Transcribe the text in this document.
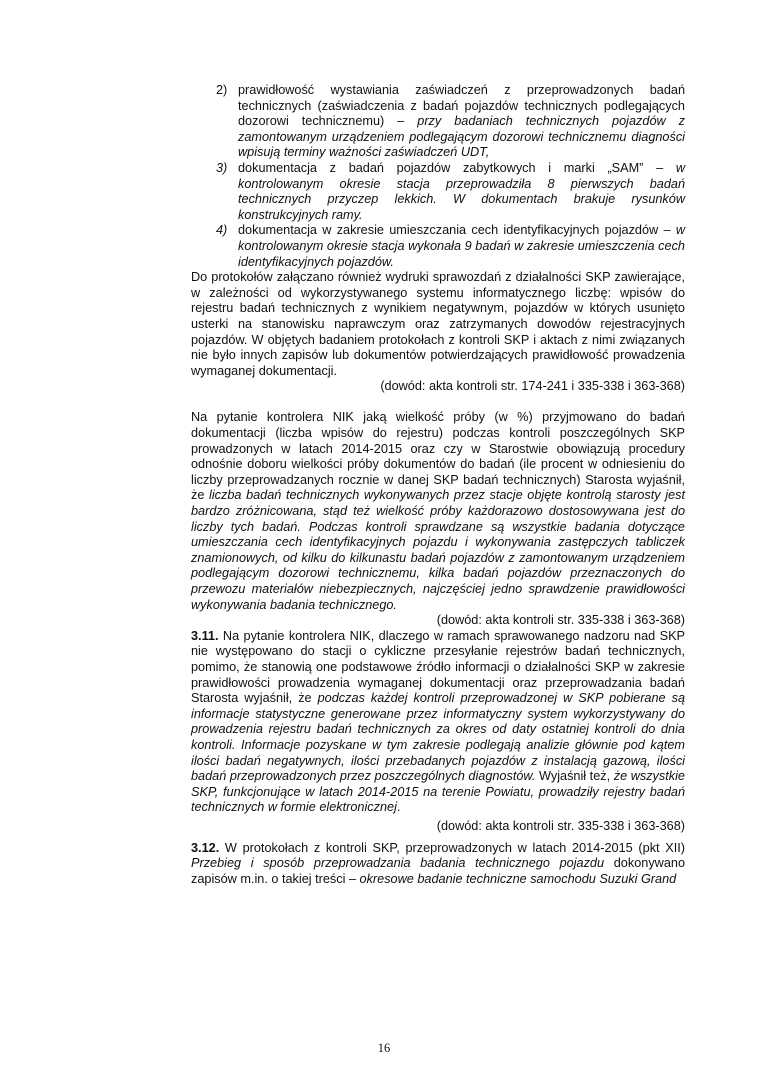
2) prawidłowość wystawiania zaświadczeń z przeprowadzonych badań technicznych (zaświadczenia z badań pojazdów technicznych podlegających dozorowi technicznemu) – przy badaniach technicznych pojazdów z zamontowanym urządzeniem podlegającym dozorowi technicznemu diagności wpisują terminy ważności zaświadczeń UDT,
3) dokumentacja z badań pojazdów zabytkowych i marki „SAM” – w kontrolowanym okresie stacja przeprowadziła 8 pierwszych badań technicznych przyczep lekkich. W dokumentach brakuje rysunków konstrukcyjnych ramy.
4) dokumentacja w zakresie umieszczania cech identyfikacyjnych pojazdów – w kontrolowanym okresie stacja wykonała 9 badań w zakresie umieszczenia cech identyfikacyjnych pojazdów.

Do protokołów załączano również wydruki sprawozdań z działalności SKP zawierające, w zależności od wykorzystywanego systemu informatycznego liczbę: wpisów do rejestru badań technicznych z wynikiem negatywnym, pojazdów w których usunięto usterki na stanowisku naprawczym oraz zatrzymanych dowodów rejestracyjnych pojazdów. W objętych badaniem protokołach z kontroli SKP i aktach z nimi związanych nie było innych zapisów lub dokumentów potwierdzających prawidłowość prowadzenia wymaganej dokumentacji.

(dowód: akta kontroli str. 174-241 i 335-338 i 363-368)

Na pytanie kontrolera NIK jaką wielkość próby (w %) przyjmowano do badań dokumentacji (liczba wpisów do rejestru) podczas kontroli poszczególnych SKP prowadzonych w latach 2014-2015 oraz czy w Starostwie obowiązują procedury odnośnie doboru wielkości próby dokumentów do badań (ile procent w odniesieniu do liczby przeprowadzanych rocznie w danej SKP badań technicznych) Starosta wyjaśnił, że liczba badań technicznych wykonywanych przez stacje objęte kontrolą starosty jest bardzo zróżnicowana, stąd też wielkość próby każdorazowo dostosowywana jest do liczby tych badań. Podczas kontroli sprawdzane są wszystkie badania dotyczące umieszczania cech identyfikacyjnych pojazdu i wykonywania zastępczych tabliczek znamionowych, od kilku do kilkunastu badań pojazdów z zamontowanym urządzeniem podlegającym dozorowi technicznemu, kilka badań pojazdów przeznaczonych do przewozu materiałów niebezpiecznych, najczęściej jedno sprawdzenie prawidłowości wykonywania badania technicznego.

(dowód: akta kontroli str. 335-338 i 363-368)

3.11. Na pytanie kontrolera NIK, dlaczego w ramach sprawowanego nadzoru nad SKP nie występowano do stacji o cykliczne przesyłanie rejestrów badań technicznych, pomimo, że stanowią one podstawowe źródło informacji o działalności SKP w zakresie prawidłowości prowadzenia wymaganej dokumentacji oraz przeprowadzania badań Starosta wyjaśnił, że podczas każdej kontroli przeprowadzonej w SKP pobierane są informacje statystyczne generowane przez informatyczny system wykorzystywany do prowadzenia rejestru badań technicznych za okres od daty ostatniej kontroli do dnia kontroli. Informacje pozyskane w tym zakresie podlegają analizie głównie pod kątem ilości badań negatywnych, ilości przebadanych pojazdów z instalacją gazową, ilości badań przeprowadzonych przez poszczególnych diagnostów. Wyjaśnił też, że wszystkie SKP, funkcjonujące w latach 2014-2015 na terenie Powiatu, prowadziły rejestry badań technicznych w formie elektronicznej.

(dowód: akta kontroli str. 335-338 i 363-368)

3.12. W protokołach z kontroli SKP, przeprowadzonych w latach 2014-2015 (pkt XII) Przebieg i sposób przeprowadzania badania technicznego pojazdu dokonywano zapisów m.in. o takiej treści – okresowe badanie techniczne samochodu Suzuki Grand

16
